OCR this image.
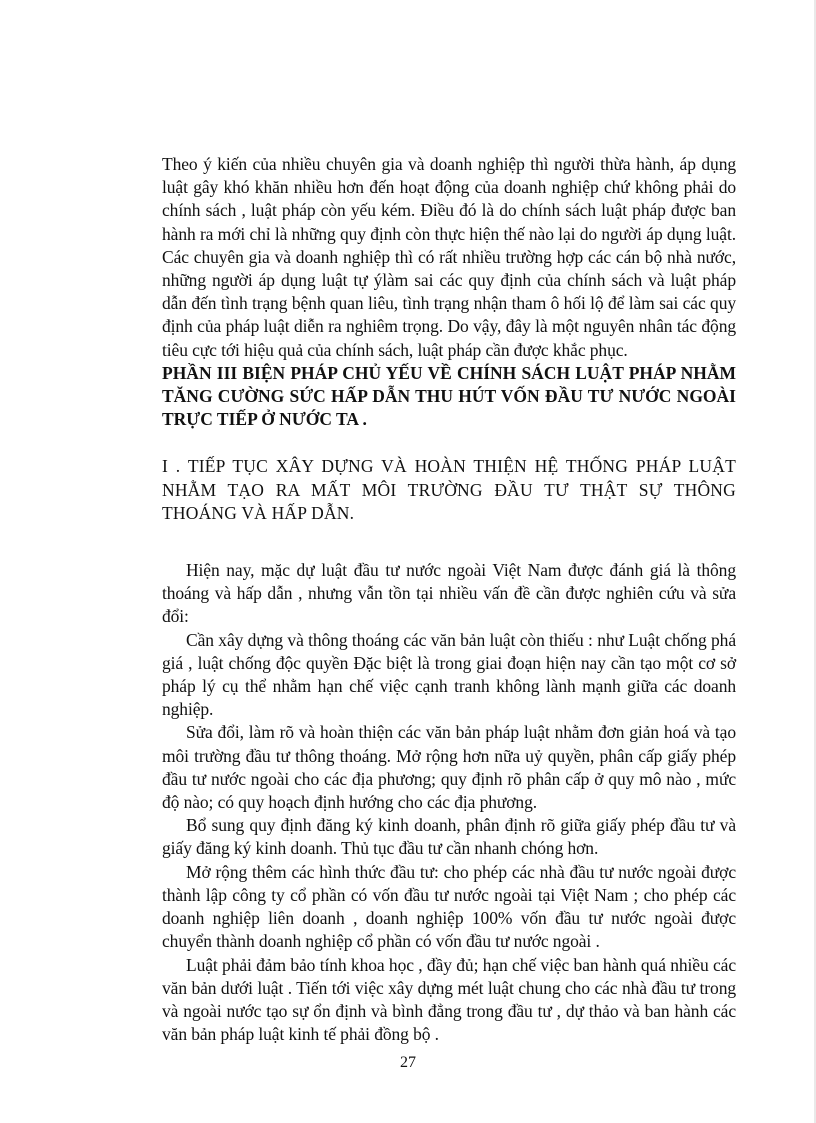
Theo ý kiến của nhiều chuyên gia và doanh nghiệp thì người thừa hành, áp dụng luật gây khó khăn nhiều hơn đến hoạt động của doanh nghiệp chứ không phải do chính sách , luật pháp còn yếu kém. Điều đó là do chính sách luật pháp được ban hành ra mới chỉ là những quy định còn thực hiện thế nào lại do người áp dụng luật. Các chuyên gia và doanh nghiệp thì có rất nhiều trường hợp các cán bộ nhà nước, những người áp dụng luật tự ýlàm sai các quy định của chính sách và luật pháp dẫn đến tình trạng bệnh quan liêu, tình trạng nhận tham ô hối lộ để làm sai các quy định của pháp luật diễn ra nghiêm trọng. Do vậy, đây là một nguyên nhân tác động tiêu cực tới hiệu quả của chính sách, luật pháp cần được khắc phục.

PHẦN III BIỆN PHÁP CHỦ YẾU VỀ CHÍNH SÁCH LUẬT PHÁP NHẰM TĂNG CƯỜNG SỨC HẤP DẪN THU HÚT VỐN ĐẦU TƯ NƯỚC NGOÀI TRỰC TIẾP Ở NƯỚC TA .

I . TIẾP TỤC XÂY DỰNG VÀ HOÀN THIỆN HỆ THỐNG PHÁP LUẬT NHẰM TẠO RA MẤT MÔI TRƯỜNG ĐẦU TƯ THẬT SỰ THÔNG THOÁNG VÀ HẤP DẪN.

Hiện nay, mặc dự luật đầu tư nước ngoài Việt Nam được đánh giá là thông thoáng và hấp dẫn , nhưng vẫn tồn tại nhiều vấn đề cần được nghiên cứu và sửa đổi:

Cần xây dựng và thông thoáng các văn bản luật còn thiếu : như Luật chống phá giá , luật chống độc quyền Đặc biệt là trong giai đoạn hiện nay cần tạo một cơ sở pháp lý cụ thể nhằm hạn chế việc cạnh tranh không lành mạnh giữa các doanh nghiệp.

Sửa đổi, làm rõ và hoàn thiện các văn bản pháp luật nhằm đơn giản hoá và tạo môi trường đầu tư thông thoáng. Mở rộng hơn nữa uỷ quyền, phân cấp giấy phép đầu tư nước ngoài cho các địa phương; quy định rõ phân cấp ở quy mô nào , mức độ nào; có quy hoạch định hướng cho các địa phương.

Bổ sung quy định đăng ký kinh doanh, phân định rõ giữa giấy phép đầu tư và giấy đăng ký kinh doanh. Thủ tục đầu tư cần nhanh chóng hơn.

Mở rộng thêm các hình thức đầu tư: cho phép các nhà đầu tư nước ngoài được thành lập công ty cổ phần có vốn đầu tư nước ngoài tại Việt Nam ; cho phép các doanh nghiệp liên doanh , doanh nghiệp 100% vốn đầu tư nước ngoài được chuyển thành doanh nghiệp cổ phần có vốn đầu tư nước ngoài .

Luật phải đảm bảo tính khoa học , đầy đủ; hạn chế việc ban hành quá nhiều các văn bản dưới luật . Tiến tới việc xây dựng mét luật chung cho các nhà đầu tư trong và ngoài nước tạo sự ổn định và bình đẳng trong đầu tư , dự thảo và ban hành các văn bản pháp luật kinh tế phải đồng bộ .

27
